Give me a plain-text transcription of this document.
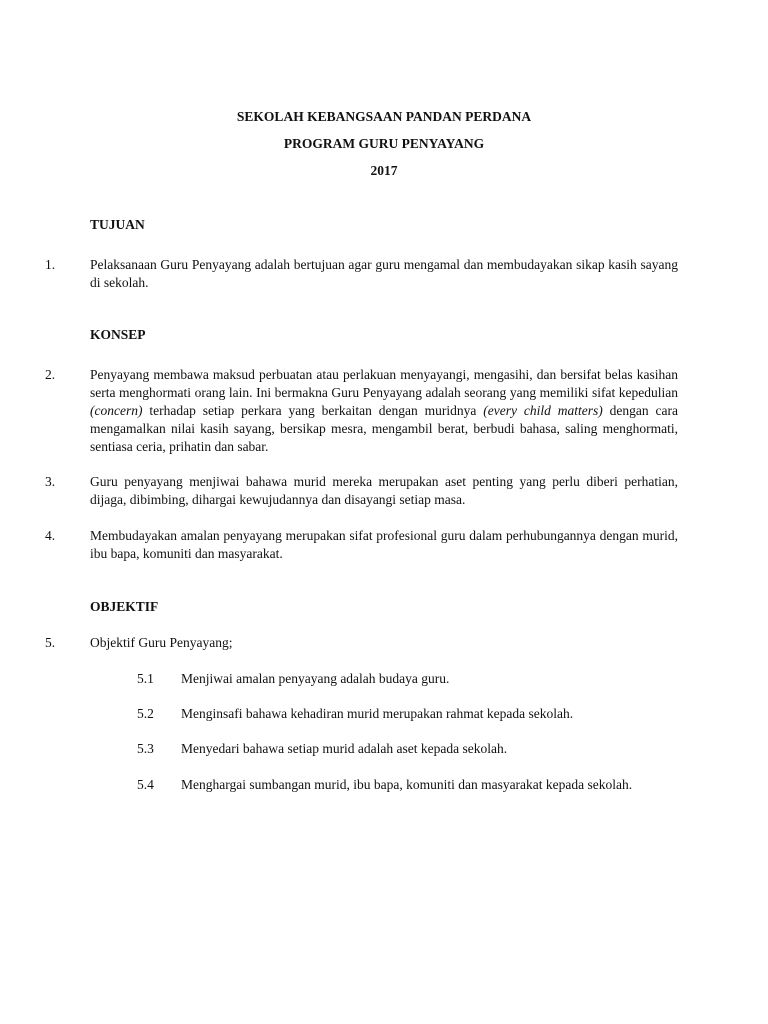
SEKOLAH KEBANGSAAN PANDAN PERDANA
PROGRAM GURU PENYAYANG
2017
TUJUAN
1.	Pelaksanaan Guru Penyayang adalah bertujuan agar guru mengamal dan membudayakan sikap kasih sayang di sekolah.
KONSEP
2.	Penyayang membawa maksud perbuatan atau perlakuan menyayangi, mengasihi, dan bersifat belas kasihan serta menghormati orang lain. Ini bermakna Guru Penyayang adalah seorang yang memiliki sifat kepedulian (concern) terhadap setiap perkara yang berkaitan dengan muridnya (every child matters) dengan cara mengamalkan nilai kasih sayang, bersikap mesra, mengambil berat, berbudi bahasa, saling menghormati, sentiasa ceria, prihatin dan sabar.
3.	Guru penyayang menjiwai bahawa murid mereka merupakan aset penting yang perlu diberi perhatian, dijaga, dibimbing, dihargai kewujudannya dan disayangi setiap masa.
4.	Membudayakan amalan penyayang merupakan sifat profesional guru dalam perhubungannya dengan murid, ibu bapa, komuniti dan masyarakat.
OBJEKTIF
5.	Objektif Guru Penyayang;
5.1 Menjiwai amalan penyayang adalah budaya guru.
5.2 Menginsafi bahawa kehadiran murid merupakan rahmat kepada sekolah.
5.3 Menyedari bahawa setiap murid adalah aset kepada sekolah.
5.4 Menghargai sumbangan murid, ibu bapa, komuniti dan masyarakat kepada sekolah.
